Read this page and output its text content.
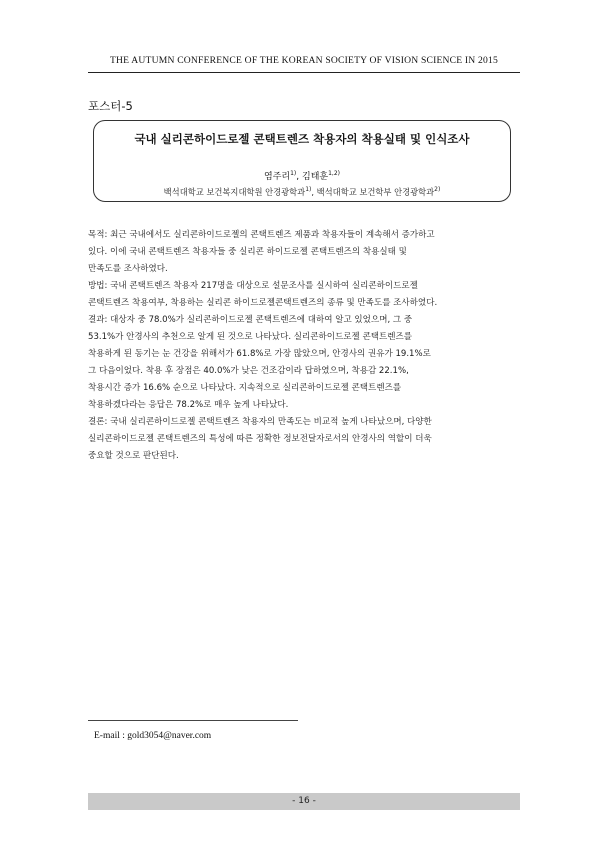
THE AUTUMN CONFERENCE OF THE KOREAN SOCIETY OF VISION SCIENCE IN 2015
포스터-5
국내 실리콘하이드로젤 콘택트렌즈 착용자의 착용실태 및 인식조사
염주리$^{1)}$, 김태훈$^{1,2)}$
백석대학교 보건복지대학원 안경광학과$^{1)}$, 백석대학교 보건학부 안경광학과$^{2)}$

목적: 최근 국내에서도 실리콘하이드로젤의 콘택트렌즈 제품과 착용자들이 계속해서 증가하고

있다. 이에 국내 콘택트렌즈 착용자들 중 실리콘 하이드로젤 콘택트렌즈의 착용실태 및

만족도를 조사하였다.

방법: 국내 콘택트렌즈 착용자 217명을 대상으로 설문조사를 실시하여 실리콘하이드로젤

콘택트렌즈 착용여부, 착용하는 실리콘 하이드로젤콘택트렌즈의 종류 및 만족도를 조사하였다.

결과: 대상자 중 78.0%가 실리콘하이드로젤 콘택트렌즈에 대하여 알고 있었으며, 그 중

53.1%가 안경사의 추천으로 알게 된 것으로 나타났다. 실리콘하이드로젤 콘택트렌즈를

착용하게 된 동기는 눈 건강을 위해서가 61.8%로 가장 많았으며, 안경사의 권유가 19.1%로

그 다음이었다. 착용 후 장점은 40.0%가 낮은 건조감이라 답하였으며, 착용감 22.1%,

착용시간 증가 16.6% 순으로 나타났다. 지속적으로 실리콘하이드로젤 콘택트렌즈를

착용하겠다라는 응답은 78.2%로 매우 높게 나타났다.

결론: 국내 실리콘하이드로젤 콘택트렌즈 착용자의 만족도는 비교적 높게 나타났으며, 다양한

실리콘하이드로젤 콘택트렌즈의 특성에 따른 정확한 정보전달자로서의 안경사의 역할이 더욱

중요할 것으로 판단된다.

E-mail : gold3054@naver.com
- 16 -
